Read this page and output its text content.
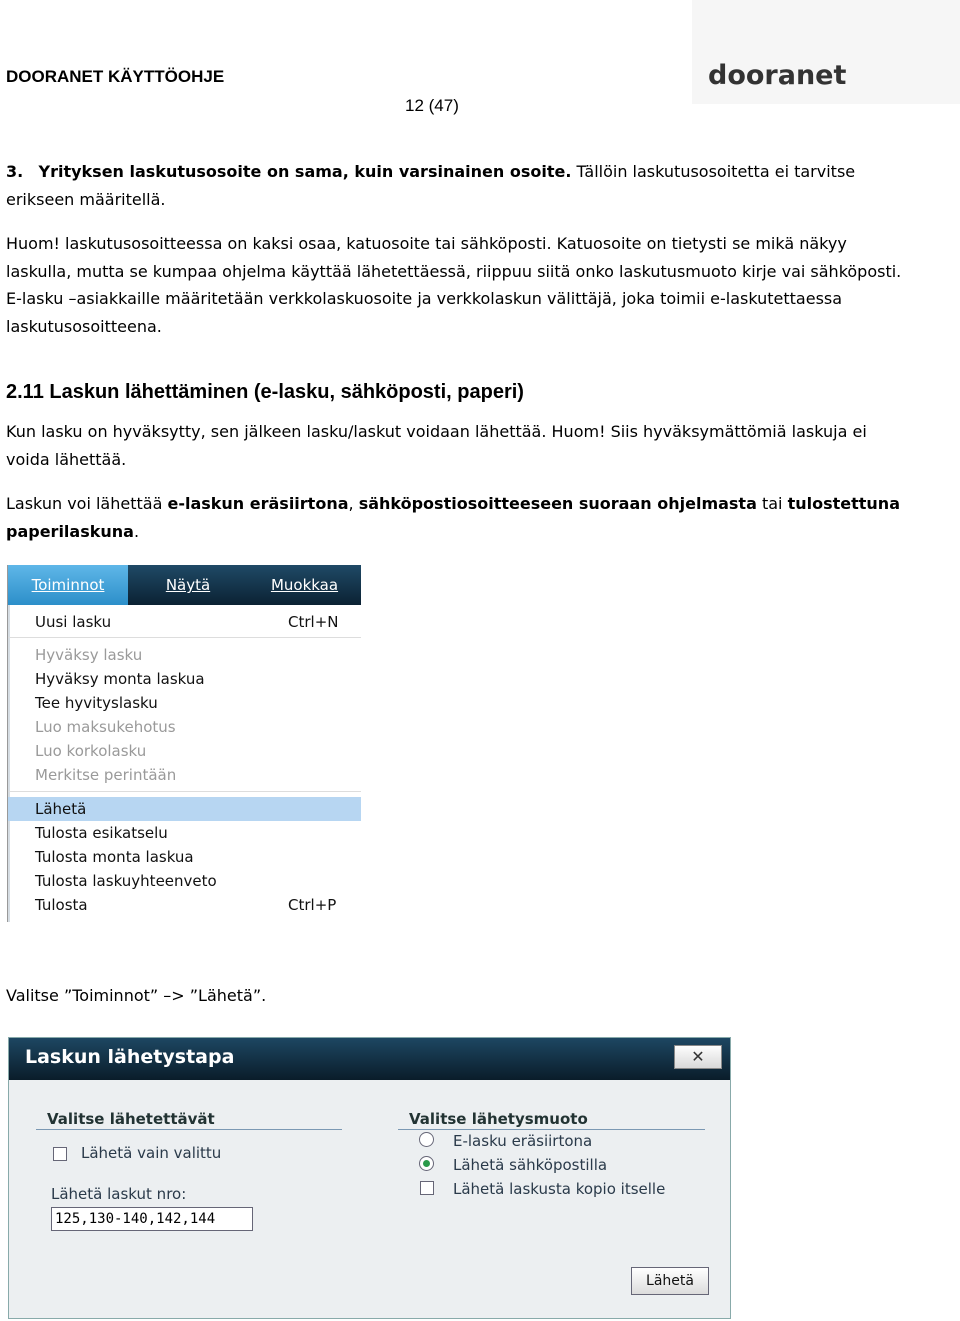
DOORANET KÄYTTÖOHJE
12 (47)
dooranet
3. Yrityksen laskutusosoite on sama, kuin varsinainen osoite. Tällöin laskutusosoitetta ei tarvitse erikseen määritellä.
Huom! laskutusosoitteessa on kaksi osaa, katuosoite tai sähköposti. Katuosoite on tietysti se mikä näkyy laskulla, mutta se kumpaa ohjelma käyttää lähetettäessä, riippuu siitä onko laskutusmuoto kirje vai sähköposti. E-lasku –asiakkaille määritetään verkkolaskuosoite ja verkkolaskun välittäjä, joka toimii e-laskutettaessa laskutusosoitteena.
2.11 Laskun lähettäminen (e-lasku, sähköposti, paperi)
Kun lasku on hyväksytty, sen jälkeen lasku/laskut voidaan lähettää. Huom! Siis hyväksymättömiä laskuja ei voida lähettää.
Laskun voi lähettää e-laskun eräsiirtona, sähköpostiosoitteeseen suoraan ohjelmasta tai tulostettuna paperilaskuna.
Toiminnot	Näytä	Muokkaa
Uusi lasku	Ctrl+N
Hyväksy lasku
Hyväksy monta laskua
Tee hyvityslasku
Luo maksukehotus
Luo korkolasku
Merkitse perintään
Lähetä
Tulosta esikatselu
Tulosta monta laskua
Tulosta laskuyhteenveto
Tulosta	Ctrl+P
Valitse ”Toiminnot” –> ”Lähetä”.
Laskun lähetystapa	✕
Valitse lähetettävät
Lähetä vain valittu
Lähetä laskut nro:
125,130-140,142,144
Valitse lähetysmuoto
E-lasku eräsiirtona
Lähetä sähköpostilla
Lähetä laskusta kopio itselle
Lähetä
